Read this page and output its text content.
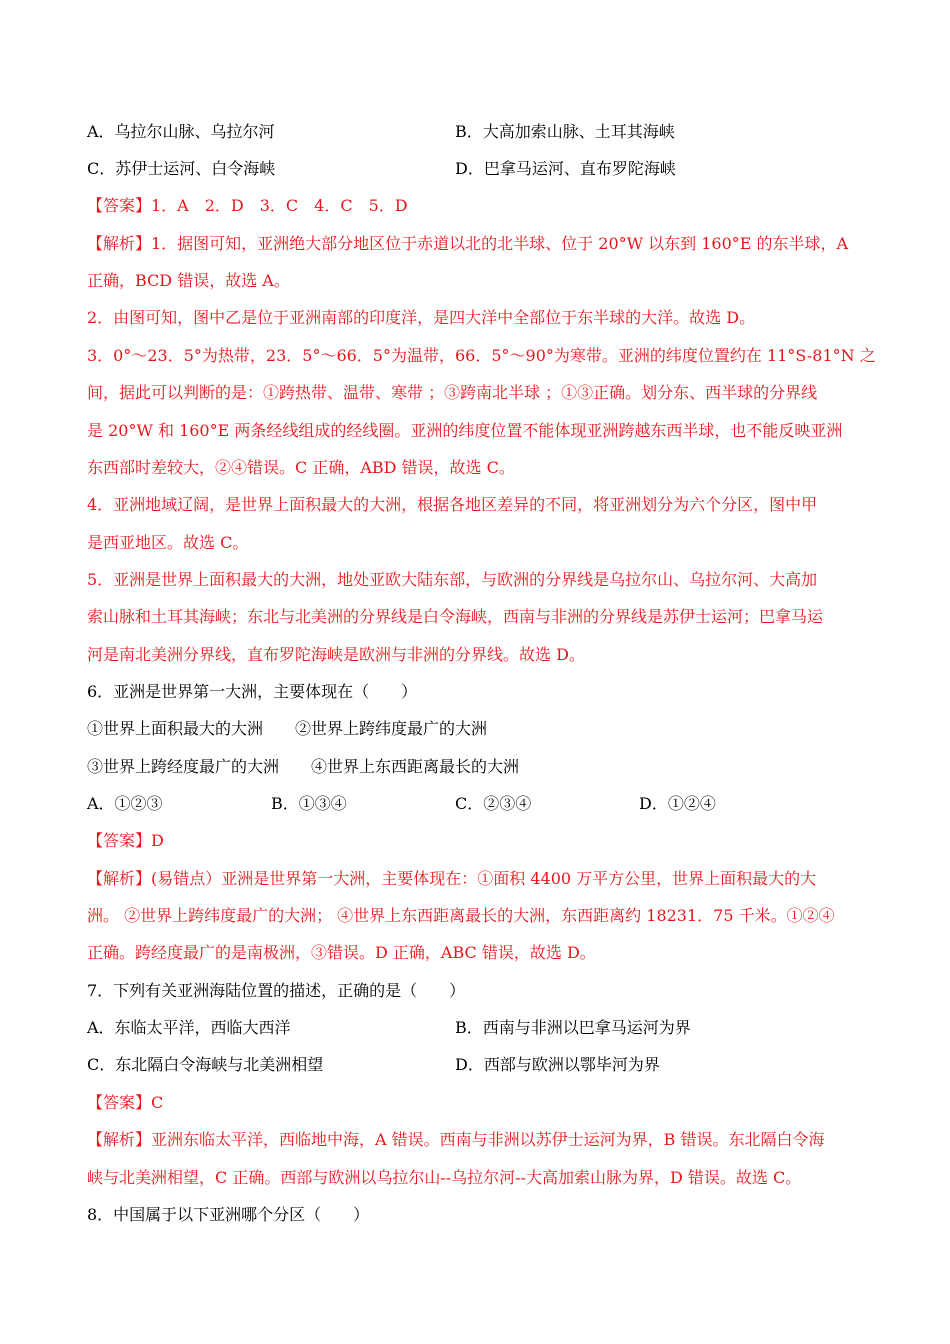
A．乌拉尔山脉、乌拉尔河	B．大高加索山脉、土耳其海峡
C．苏伊士运河、白令海峡	D．巴拿马运河、直布罗陀海峡
【答案】1．A　2．D　3．C　4．C　5．D
【解析】1．据图可知，亚洲绝大部分地区位于赤道以北的北半球、位于 20°W 以东到 160°E 的东半球，A
正确，BCD 错误，故选 A。
2．由图可知，图中乙是位于亚洲南部的印度洋，是四大洋中全部位于东半球的大洋。故选 D。
3．0°～23．5°为热带，23．5°～66．5°为温带，66．5°～90°为寒带。亚洲的纬度位置约在 11°S-81°N 之
间，据此可以判断的是：①跨热带、温带、寒带 ；③跨南北半球 ；①③正确。划分东、西半球的分界线
是 20°W 和 160°E 两条经线组成的经线圈。亚洲的纬度位置不能体现亚洲跨越东西半球，也不能反映亚洲
东西部时差较大，②④错误。C 正确，ABD 错误，故选 C。
4．亚洲地域辽阔，是世界上面积最大的大洲，根据各地区差异的不同，将亚洲划分为六个分区，图中甲
是西亚地区。故选 C。
5．亚洲是世界上面积最大的大洲，地处亚欧大陆东部，与欧洲的分界线是乌拉尔山、乌拉尔河、大高加
索山脉和土耳其海峡；东北与北美洲的分界线是白令海峡，西南与非洲的分界线是苏伊士运河；巴拿马运
河是南北美洲分界线，直布罗陀海峡是欧洲与非洲的分界线。故选 D。
6．亚洲是世界第一大洲，主要体现在（　　）
①世界上面积最大的大洲　　②世界上跨纬度最广的大洲
③世界上跨经度最广的大洲　　④世界上东西距离最长的大洲
A．①②③	B．①③④	C．②③④	D．①②④
【答案】D
【解析】(易错点）亚洲是世界第一大洲，主要体现在：①面积 4400 万平方公里，世界上面积最大的大
洲。 ②世界上跨纬度最广的大洲； ④世界上东西距离最长的大洲，东西距离约 18231．75 千米。①②④
正确。跨经度最广的是南极洲，③错误。D 正确，ABC 错误，故选 D。
7．下列有关亚洲海陆位置的描述，正确的是（　　）
A．东临太平洋，西临大西洋	B．西南与非洲以巴拿马运河为界
C．东北隔白令海峡与北美洲相望	D．西部与欧洲以鄂毕河为界
【答案】C
【解析】亚洲东临太平洋，西临地中海，A 错误。西南与非洲以苏伊士运河为界，B 错误。东北隔白令海
峡与北美洲相望，C 正确。西部与欧洲以乌拉尔山--乌拉尔河--大高加索山脉为界，D 错误。故选 C。
8．中国属于以下亚洲哪个分区（　　）
